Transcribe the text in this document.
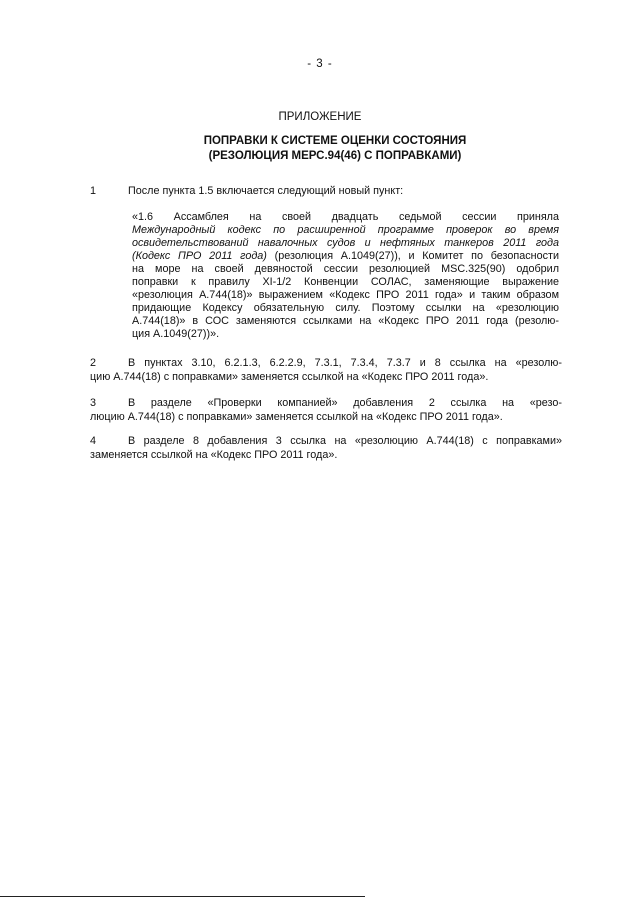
- 3 -
ПРИЛОЖЕНИЕ
ПОПРАВКИ К СИСТЕМЕ ОЦЕНКИ СОСТОЯНИЯ
(РЕЗОЛЮЦИЯ МЕРС.94(46) С ПОПРАВКАМИ)
1	После пункта 1.5 включается следующий новый пункт:
«1.6 Ассамблея на своей двадцать седьмой сессии приняла
Международный кодекс по расширенной программе проверок во время
освидетельствований навалочных судов и нефтяных танкеров 2011 года
(Кодекс ПРО 2011 года) (резолюция А.1049(27)), и Комитет по безопасности
на море на своей девяностой сессии резолюцией MSC.325(90) одобрил
поправки к правилу XI-1/2 Конвенции СОЛАС, заменяющие выражение
«резолюция А.744(18)» выражением «Кодекс ПРО 2011 года» и таким образом
придающие Кодексу обязательную силу. Поэтому ссылки на «резолюцию
А.744(18)» в СОС заменяются ссылками на «Кодекс ПРО 2011 года (резолю-
ция А.1049(27))».
2	В пунктах 3.10, 6.2.1.3, 6.2.2.9, 7.3.1, 7.3.4, 7.3.7 и 8 ссылка на «резолю-
цию А.744(18) с поправками» заменяется ссылкой на «Кодекс ПРО 2011 года».
3	В разделе «Проверки компанией» добавления 2 ссылка на «резо-
люцию А.744(18) с поправками» заменяется ссылкой на «Кодекс ПРО 2011 года».
4	В разделе 8 добавления 3 ссылка на «резолюцию А.744(18) с поправками»
заменяется ссылкой на «Кодекс ПРО 2011 года».
